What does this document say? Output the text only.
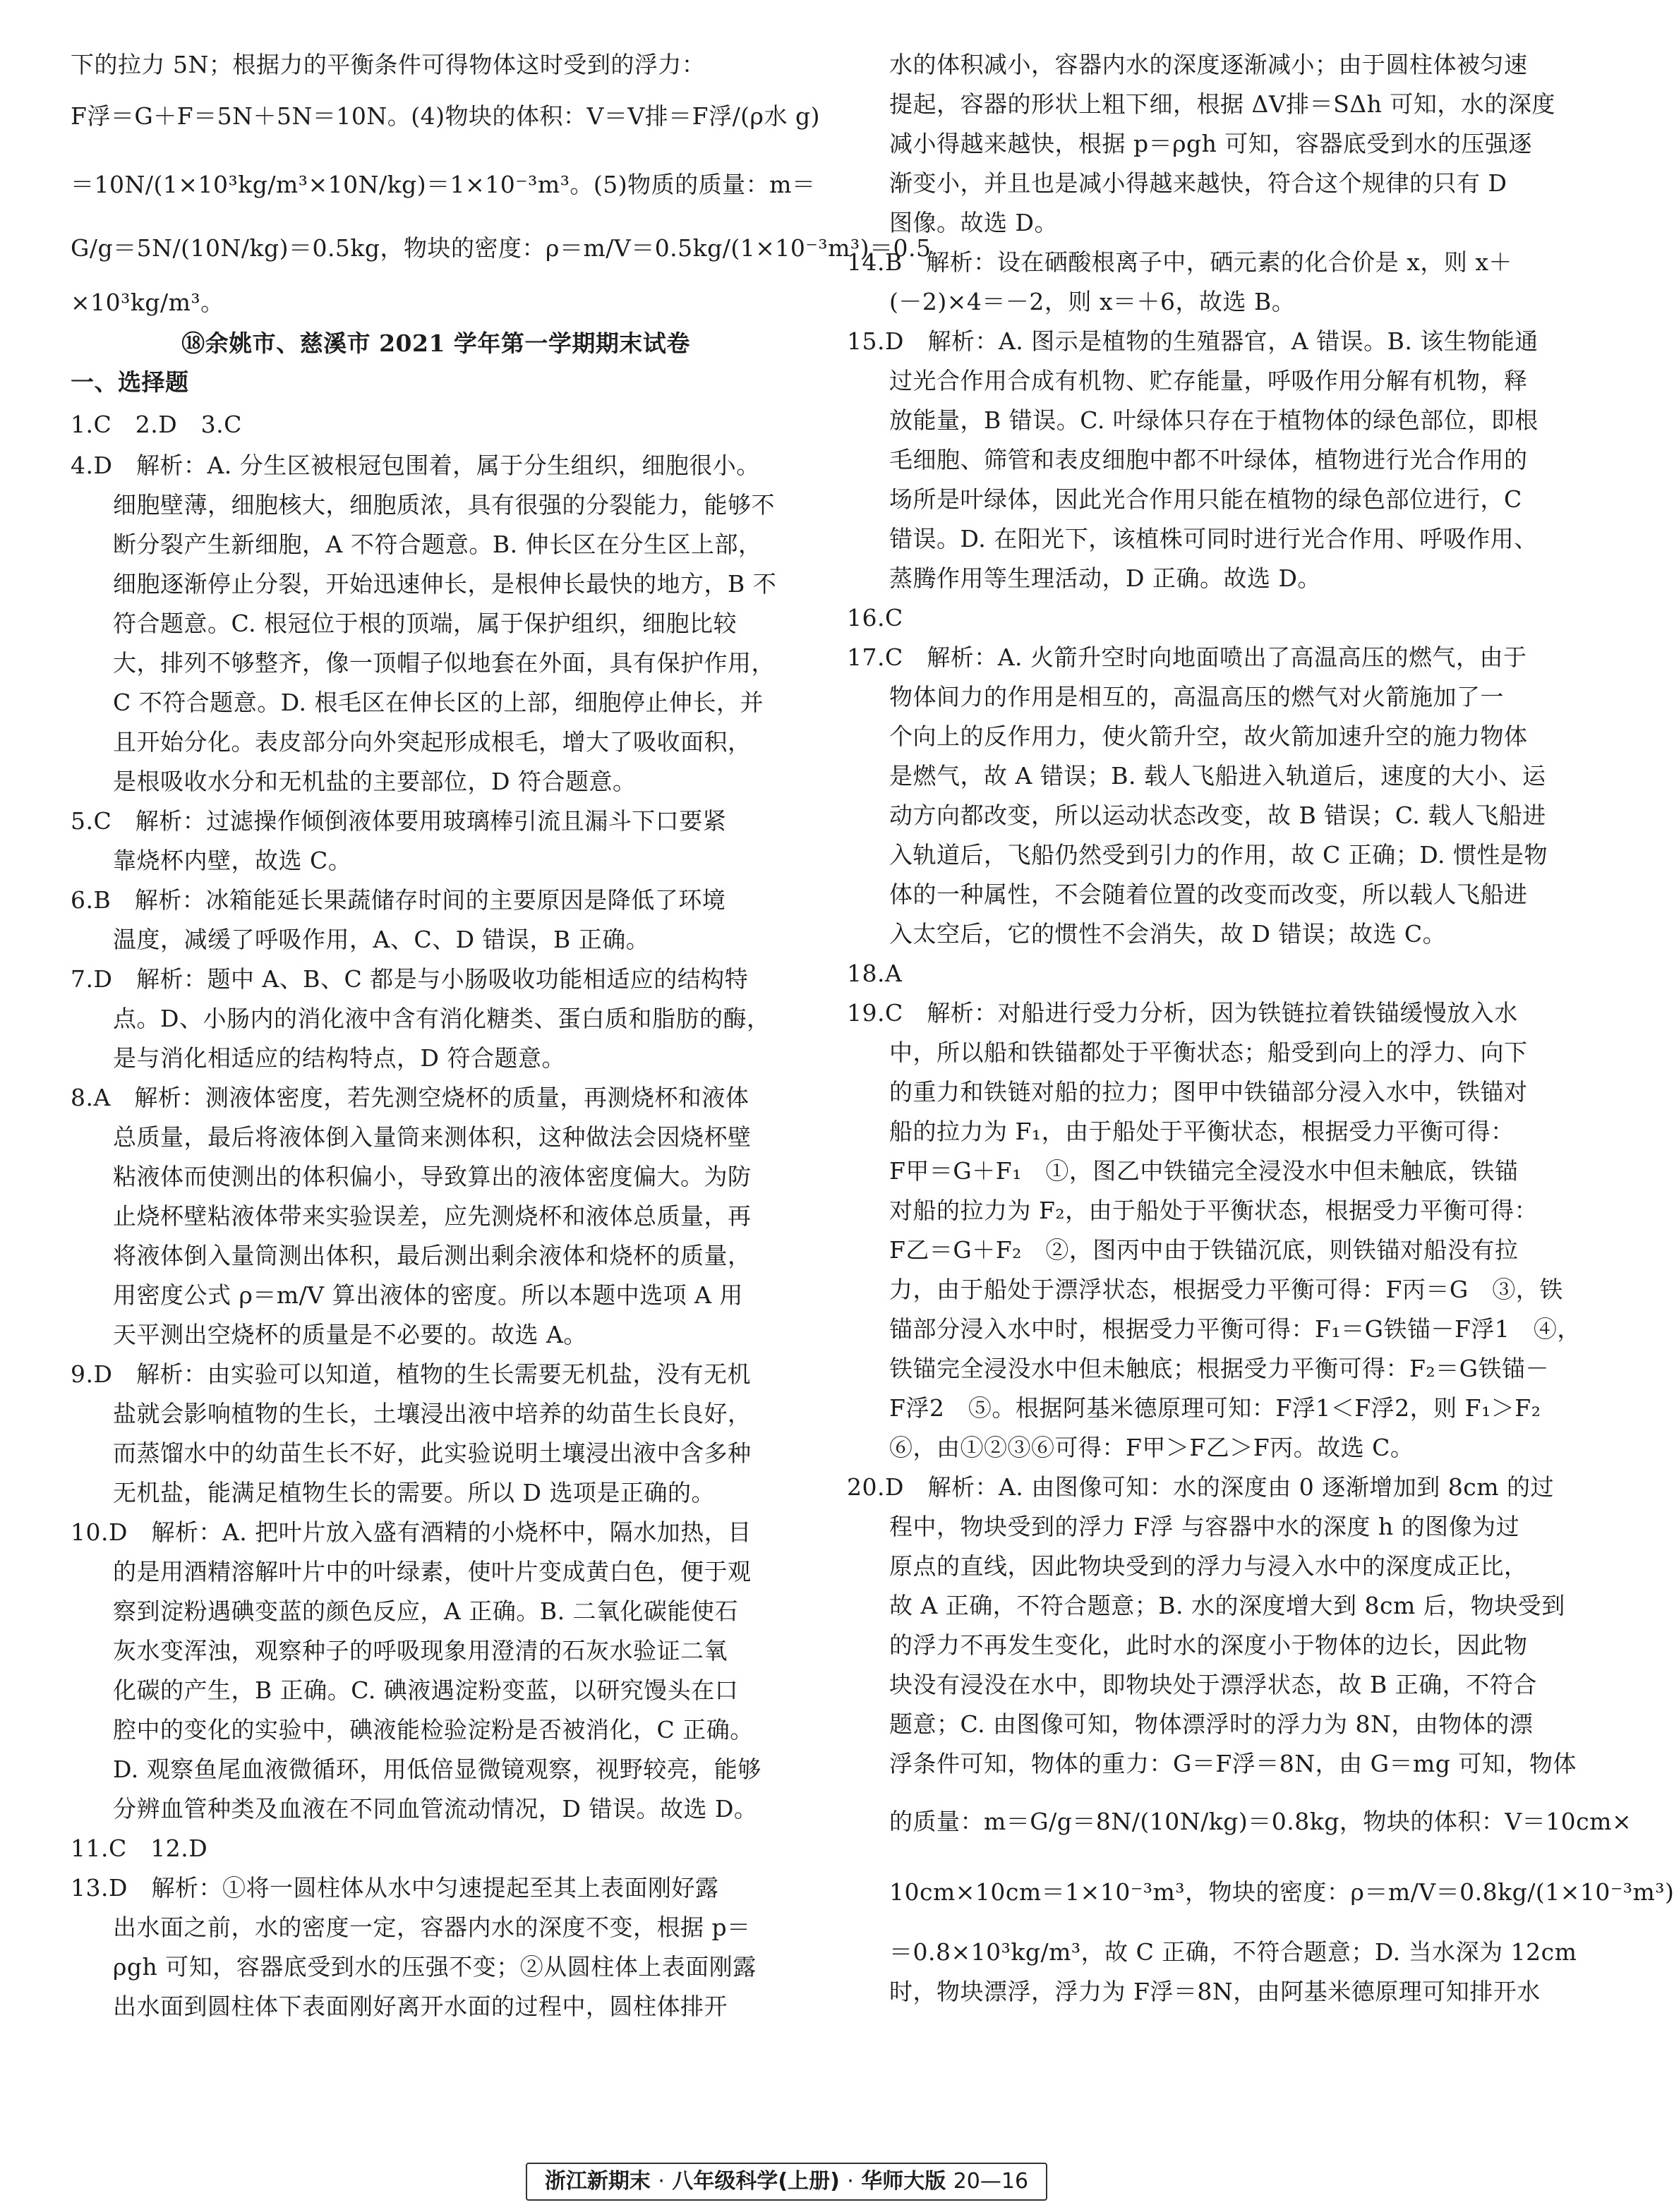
下的拉力 5N；根据力的平衡条件可得物体这时受到的浮力：
F浮＝G＋F＝5N＋5N＝10N。(4)物块的体积：V＝V排＝F浮/(ρ水 g)
＝10N/(1×10³kg/m³×10N/kg)＝1×10⁻³m³。(5)物质的质量：m＝
G/g＝5N/(10N/kg)＝0.5kg，物块的密度：ρ＝m/V＝0.5kg/(1×10⁻³m³)＝0.5
×10³kg/m³。
⑱余姚市、慈溪市 2021 学年第一学期期末试卷
一、选择题
1.C　2.D　3.C
4.D　解析：A. 分生区被根冠包围着，属于分生组织，细胞很小。
细胞壁薄，细胞核大，细胞质浓，具有很强的分裂能力，能够不
断分裂产生新细胞，A 不符合题意。B. 伸长区在分生区上部，
细胞逐渐停止分裂，开始迅速伸长，是根伸长最快的地方，B 不
符合题意。C. 根冠位于根的顶端，属于保护组织，细胞比较
大，排列不够整齐，像一顶帽子似地套在外面，具有保护作用，
C 不符合题意。D. 根毛区在伸长区的上部，细胞停止伸长，并
且开始分化。表皮部分向外突起形成根毛，增大了吸收面积，
是根吸收水分和无机盐的主要部位，D 符合题意。
5.C　解析：过滤操作倾倒液体要用玻璃棒引流且漏斗下口要紧
靠烧杯内壁，故选 C。
6.B　解析：冰箱能延长果蔬储存时间的主要原因是降低了环境
温度，减缓了呼吸作用，A、C、D 错误，B 正确。
7.D　解析：题中 A、B、C 都是与小肠吸收功能相适应的结构特
点。D、小肠内的消化液中含有消化糖类、蛋白质和脂肪的酶，
是与消化相适应的结构特点，D 符合题意。
8.A　解析：测液体密度，若先测空烧杯的质量，再测烧杯和液体
总质量，最后将液体倒入量筒来测体积，这种做法会因烧杯壁
粘液体而使测出的体积偏小，导致算出的液体密度偏大。为防
止烧杯壁粘液体带来实验误差，应先测烧杯和液体总质量，再
将液体倒入量筒测出体积，最后测出剩余液体和烧杯的质量，
用密度公式 ρ＝m/V 算出液体的密度。所以本题中选项 A 用
天平测出空烧杯的质量是不必要的。故选 A。
9.D　解析：由实验可以知道，植物的生长需要无机盐，没有无机
盐就会影响植物的生长，土壤浸出液中培养的幼苗生长良好，
而蒸馏水中的幼苗生长不好，此实验说明土壤浸出液中含多种
无机盐，能满足植物生长的需要。所以 D 选项是正确的。
10.D　解析：A. 把叶片放入盛有酒精的小烧杯中，隔水加热，目
的是用酒精溶解叶片中的叶绿素，使叶片变成黄白色，便于观
察到淀粉遇碘变蓝的颜色反应，A 正确。B. 二氧化碳能使石
灰水变浑浊，观察种子的呼吸现象用澄清的石灰水验证二氧
化碳的产生，B 正确。C. 碘液遇淀粉变蓝，以研究馒头在口
腔中的变化的实验中，碘液能检验淀粉是否被消化，C 正确。
D. 观察鱼尾血液微循环，用低倍显微镜观察，视野较亮，能够
分辨血管种类及血液在不同血管流动情况，D 错误。故选 D。
11.C　12.D
13.D　解析：①将一圆柱体从水中匀速提起至其上表面刚好露
出水面之前，水的密度一定，容器内水的深度不变，根据 p＝
ρgh 可知，容器底受到水的压强不变；②从圆柱体上表面刚露
出水面到圆柱体下表面刚好离开水面的过程中，圆柱体排开
水的体积减小，容器内水的深度逐渐减小；由于圆柱体被匀速
提起，容器的形状上粗下细，根据 ΔV排＝SΔh 可知，水的深度
减小得越来越快，根据 p＝ρgh 可知，容器底受到水的压强逐
渐变小，并且也是减小得越来越快，符合这个规律的只有 D
图像。故选 D。
14.B　解析：设在硒酸根离子中，硒元素的化合价是 x，则 x＋
(－2)×4＝－2，则 x＝＋6，故选 B。
15.D　解析：A. 图示是植物的生殖器官，A 错误。B. 该生物能通
过光合作用合成有机物、贮存能量，呼吸作用分解有机物，释
放能量，B 错误。C. 叶绿体只存在于植物体的绿色部位，即根
毛细胞、筛管和表皮细胞中都不叶绿体，植物进行光合作用的
场所是叶绿体，因此光合作用只能在植物的绿色部位进行，C
错误。D. 在阳光下，该植株可同时进行光合作用、呼吸作用、
蒸腾作用等生理活动，D 正确。故选 D。
16.C
17.C　解析：A. 火箭升空时向地面喷出了高温高压的燃气，由于
物体间力的作用是相互的，高温高压的燃气对火箭施加了一
个向上的反作用力，使火箭升空，故火箭加速升空的施力物体
是燃气，故 A 错误；B. 载人飞船进入轨道后，速度的大小、运
动方向都改变，所以运动状态改变，故 B 错误；C. 载人飞船进
入轨道后，飞船仍然受到引力的作用，故 C 正确；D. 惯性是物
体的一种属性，不会随着位置的改变而改变，所以载人飞船进
入太空后，它的惯性不会消失，故 D 错误；故选 C。
18.A
19.C　解析：对船进行受力分析，因为铁链拉着铁锚缓慢放入水
中，所以船和铁锚都处于平衡状态；船受到向上的浮力、向下
的重力和铁链对船的拉力；图甲中铁锚部分浸入水中，铁锚对
船的拉力为 F₁，由于船处于平衡状态，根据受力平衡可得：
F甲＝G＋F₁　①，图乙中铁锚完全浸没水中但未触底，铁锚
对船的拉力为 F₂，由于船处于平衡状态，根据受力平衡可得：
F乙＝G＋F₂　②，图丙中由于铁锚沉底，则铁锚对船没有拉
力，由于船处于漂浮状态，根据受力平衡可得：F丙＝G　③，铁
锚部分浸入水中时，根据受力平衡可得：F₁＝G铁锚－F浮1　④，
铁锚完全浸没水中但未触底；根据受力平衡可得：F₂＝G铁锚－
F浮2　⑤。根据阿基米德原理可知：F浮1＜F浮2，则 F₁＞F₂
⑥，由①②③⑥可得：F甲＞F乙＞F丙。故选 C。
20.D　解析：A. 由图像可知：水的深度由 0 逐渐增加到 8cm 的过
程中，物块受到的浮力 F浮 与容器中水的深度 h 的图像为过
原点的直线，因此物块受到的浮力与浸入水中的深度成正比，
故 A 正确，不符合题意；B. 水的深度增大到 8cm 后，物块受到
的浮力不再发生变化，此时水的深度小于物体的边长，因此物
块没有浸没在水中，即物块处于漂浮状态，故 B 正确，不符合
题意；C. 由图像可知，物体漂浮时的浮力为 8N，由物体的漂
浮条件可知，物体的重力：G＝F浮＝8N，由 G＝mg 可知，物体
的质量：m＝G/g＝8N/(10N/kg)＝0.8kg，物块的体积：V＝10cm×
10cm×10cm＝1×10⁻³m³，物块的密度：ρ＝m/V＝0.8kg/(1×10⁻³m³)
＝0.8×10³kg/m³，故 C 正确，不符合题意；D. 当水深为 12cm
时，物块漂浮，浮力为 F浮＝8N，由阿基米德原理可知排开水
浙江新期末 · 八年级科学(上册) · 华师大版 20—16
